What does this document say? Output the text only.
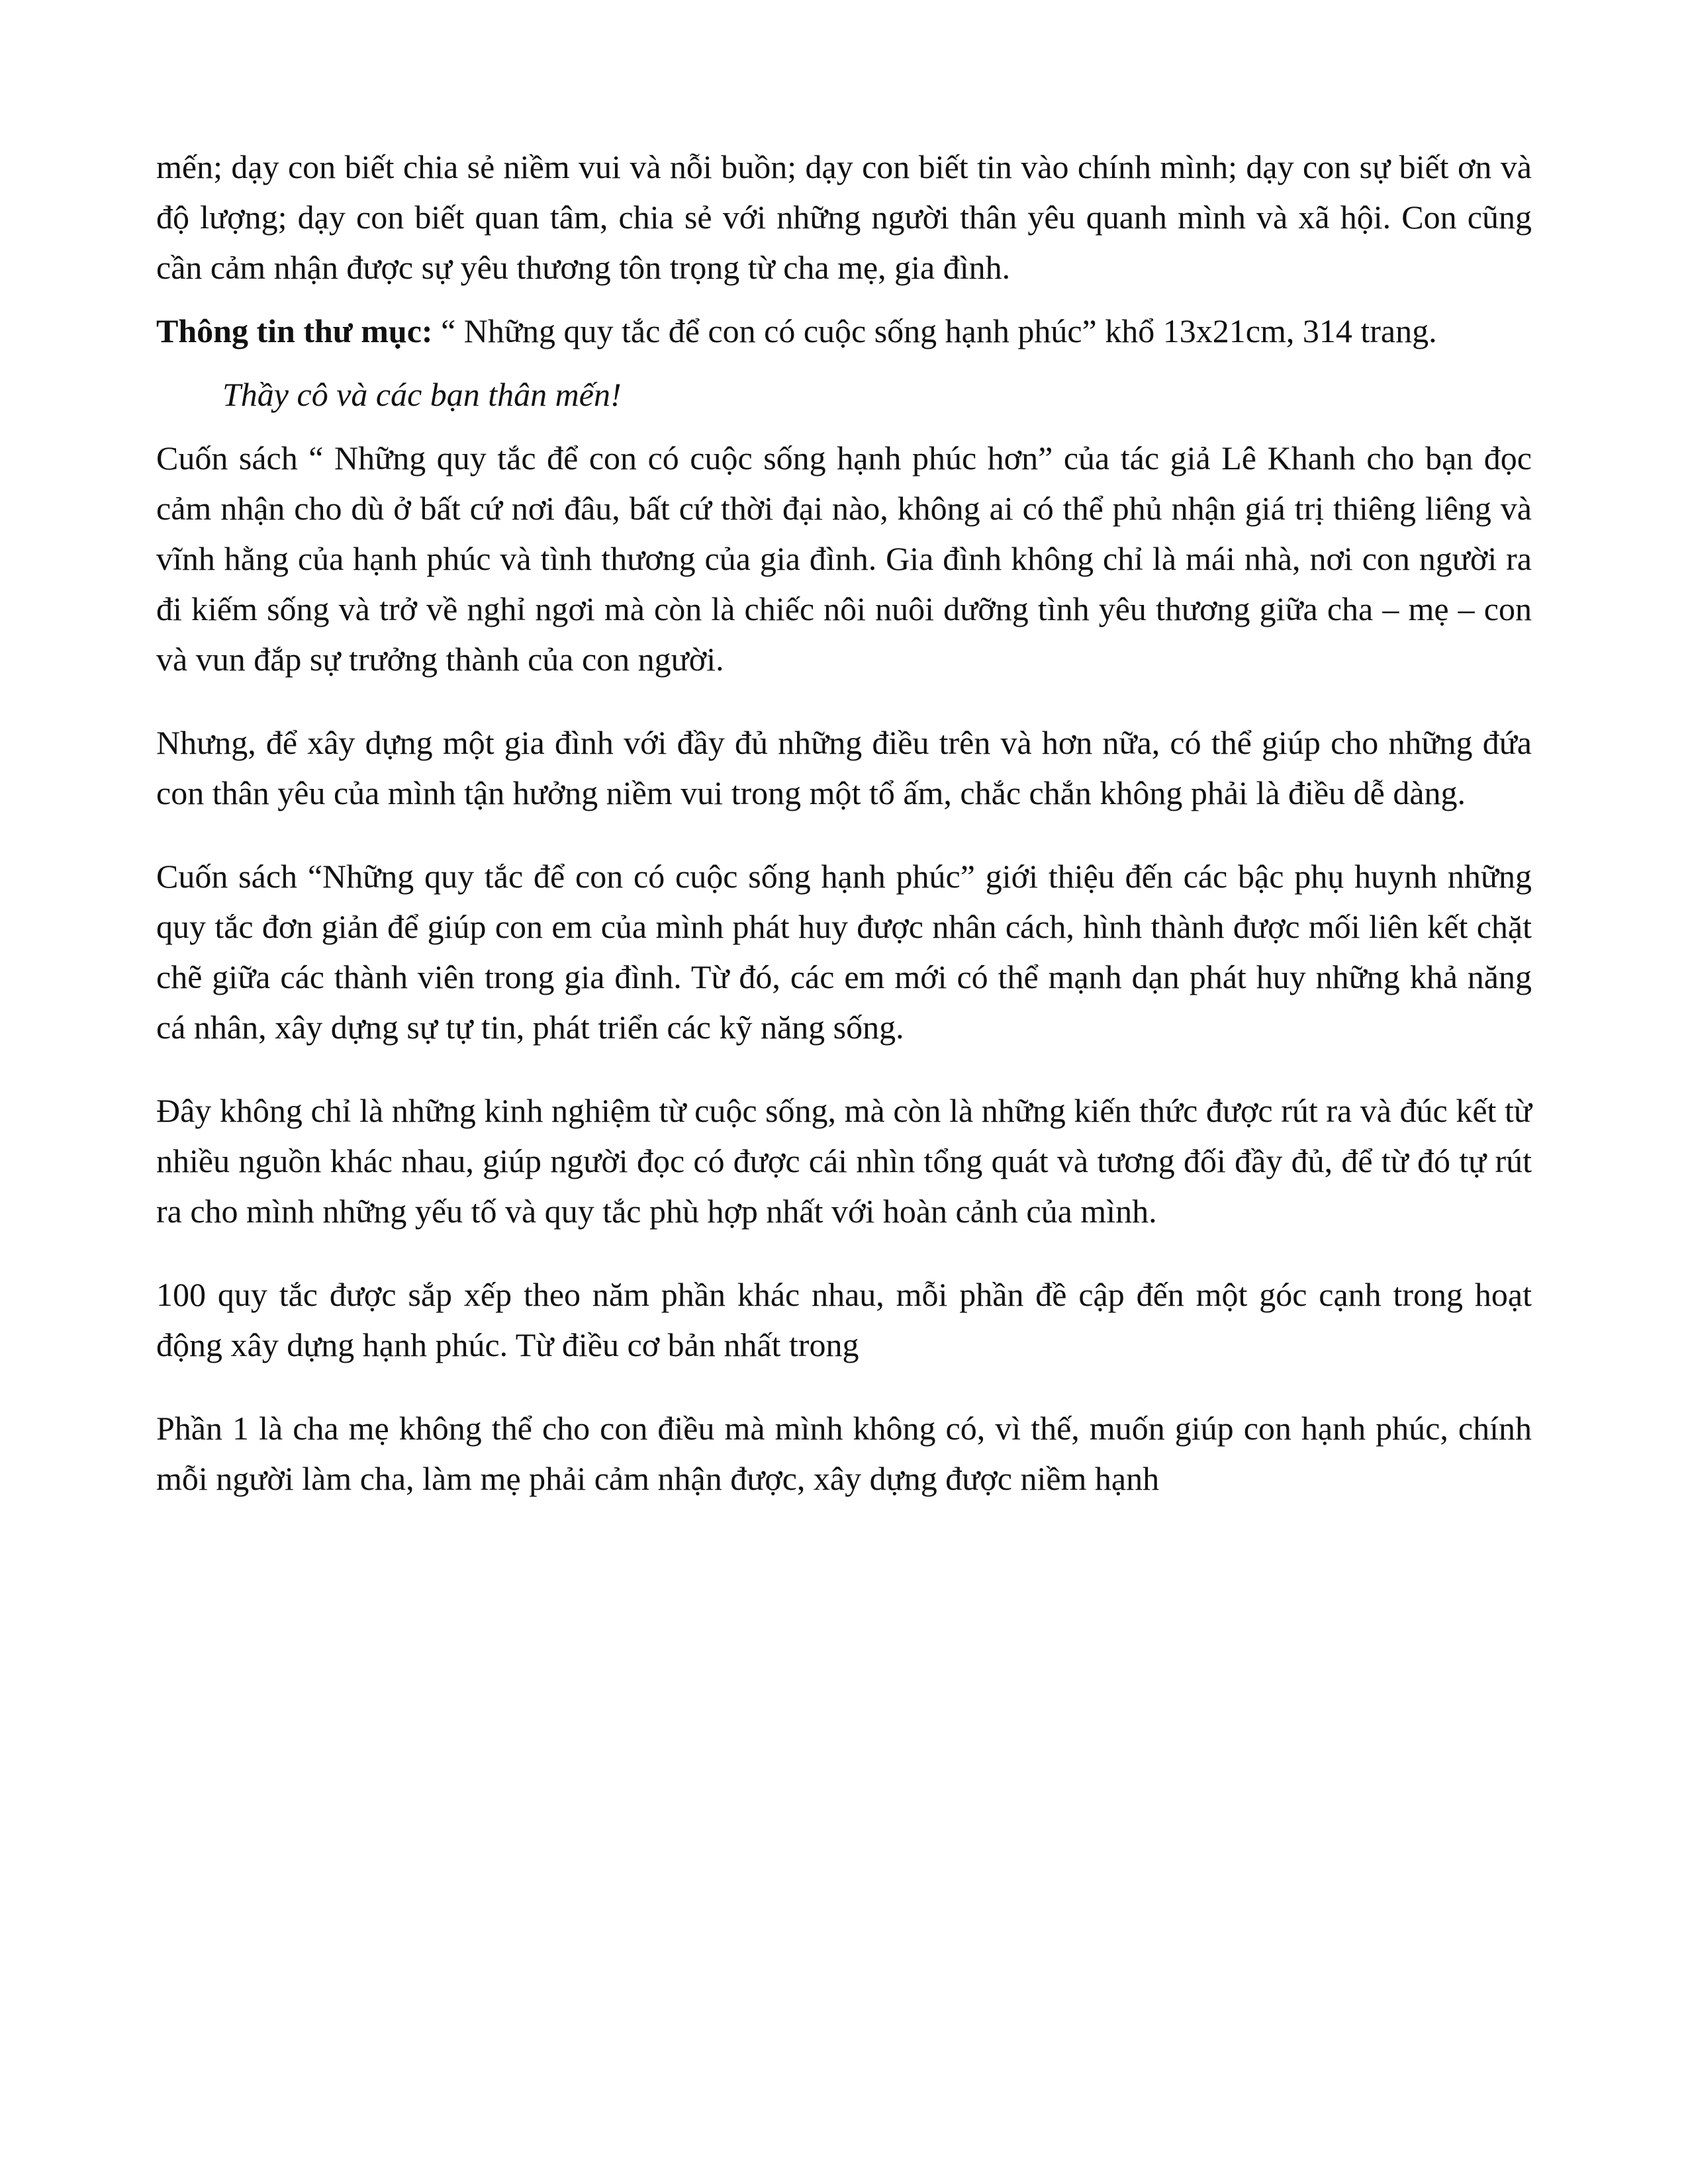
mến; dạy con biết chia sẻ niềm vui và nỗi buồn; dạy con biết tin vào chính mình; dạy con sự biết ơn và độ lượng; dạy con biết quan tâm, chia sẻ với những người thân yêu quanh mình và xã hội. Con cũng cần cảm nhận được sự yêu thương tôn trọng từ cha mẹ, gia đình.

Thông tin thư mục: “ Những quy tắc để con có cuộc sống hạnh phúc” khổ 13x21cm, 314 trang.

Thầy cô và các bạn thân mến!

Cuốn sách “ Những quy tắc để con có cuộc sống hạnh phúc hơn” của tác giả Lê Khanh cho bạn đọc cảm nhận cho dù ở bất cứ nơi đâu, bất cứ thời đại nào, không ai có thể phủ nhận giá trị thiêng liêng và vĩnh hằng của hạnh phúc và tình thương của gia đình. Gia đình không chỉ là mái nhà, nơi con người ra đi kiếm sống và trở về nghỉ ngơi mà còn là chiếc nôi nuôi dưỡng tình yêu thương giữa cha – mẹ – con và vun đắp sự trưởng thành của con người.

Nhưng, để xây dựng một gia đình với đầy đủ những điều trên và hơn nữa, có thể giúp cho những đứa con thân yêu của mình tận hưởng niềm vui trong một tổ ấm, chắc chắn không phải là điều dễ dàng.

Cuốn sách “Những quy tắc để con có cuộc sống hạnh phúc” giới thiệu đến các bậc phụ huynh những quy tắc đơn giản để giúp con em của mình phát huy được nhân cách, hình thành được mối liên kết chặt chẽ giữa các thành viên trong gia đình. Từ đó, các em mới có thể mạnh dạn phát huy những khả năng cá nhân, xây dựng sự tự tin, phát triển các kỹ năng sống.

Đây không chỉ là những kinh nghiệm từ cuộc sống, mà còn là những kiến thức được rút ra và đúc kết từ nhiều nguồn khác nhau, giúp người đọc có được cái nhìn tổng quát và tương đối đầy đủ, để từ đó tự rút ra cho mình những yếu tố và quy tắc phù hợp nhất với hoàn cảnh của mình.

100 quy tắc được sắp xếp theo năm phần khác nhau, mỗi phần đề cập đến một góc cạnh trong hoạt động xây dựng hạnh phúc. Từ điều cơ bản nhất trong

Phần 1 là cha mẹ không thể cho con điều mà mình không có, vì thế, muốn giúp con hạnh phúc, chính mỗi người làm cha, làm mẹ phải cảm nhận được, xây dựng được niềm hạnh
